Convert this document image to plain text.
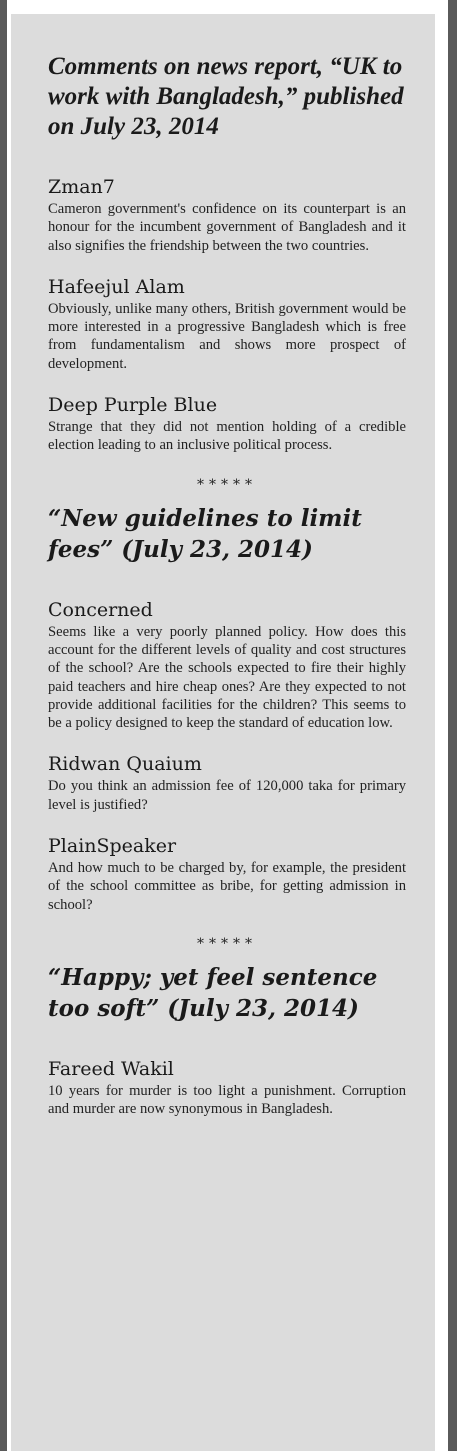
Comments on news report, “UK to work with Bangladesh,” published on July 23, 2014
Zman7

Cameron government's confidence on its counterpart is an honour for the incumbent government of Bangladesh and it also signifies the friendship between the two countries.

Hafeejul Alam

Obviously, unlike many others, British government would be more interested in a progressive Bangladesh which is free from fundamentalism and shows more prospect of development.

Deep Purple Blue

Strange that they did not mention holding of a credible election leading to an inclusive political process.

*****
“New guidelines to limit fees” (July 23, 2014)
Concerned

Seems like a very poorly planned policy. How does this account for the different levels of quality and cost structures of the school? Are the schools expected to fire their highly paid teachers and hire cheap ones? Are they expected to not provide additional facilities for the children? This seems to be a policy designed to keep the standard of education low.

Ridwan Quaium

Do you think an admission fee of 120,000 taka for primary level is justified?

PlainSpeaker

And how much to be charged by, for example, the president of the school committee as bribe, for getting admission in school?

*****
“Happy; yet feel sentence too soft” (July 23, 2014)
Fareed Wakil

10 years for murder is too light a punishment. Corruption and murder are now synonymous in Bangladesh.
